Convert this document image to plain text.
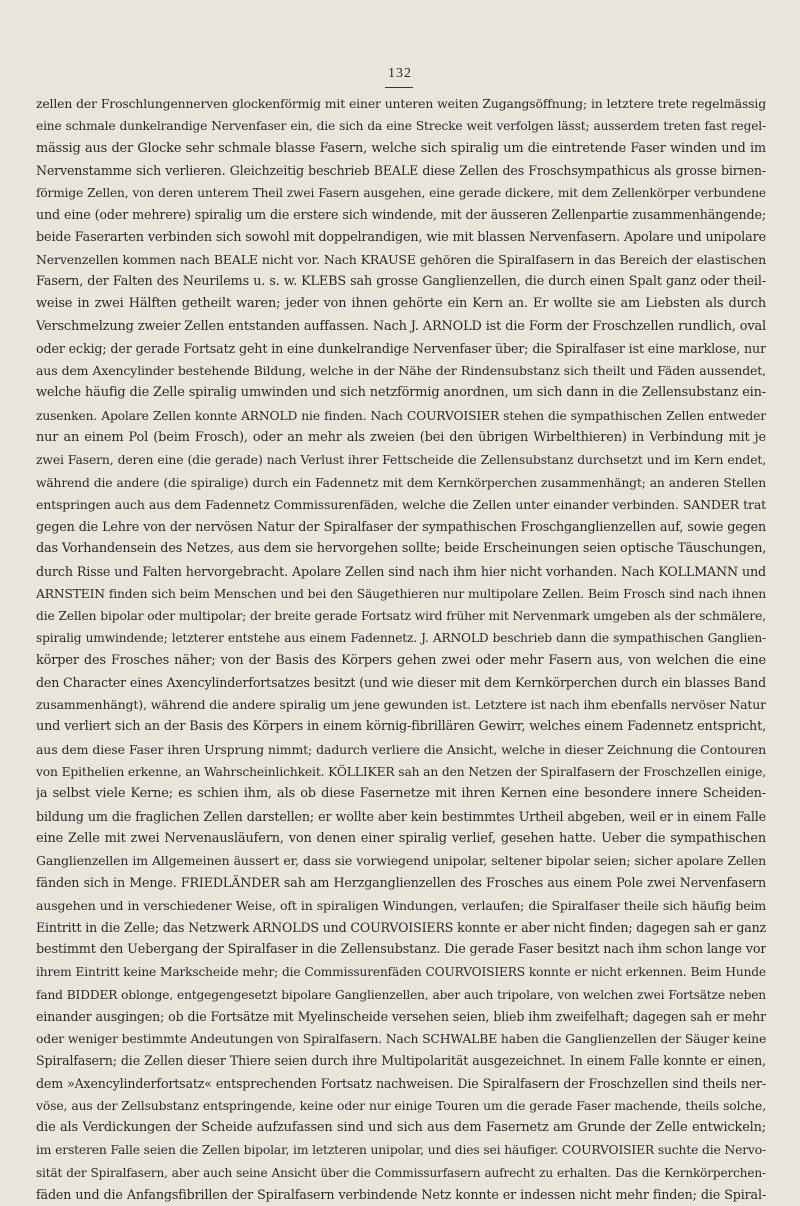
132
zellen der Froschlungennerven glockenförmig mit einer unteren weiten Zugangsöffnung; in letztere trete regelmässig
eine schmale dunkelrandige Nervenfaser ein, die sich da eine Strecke weit verfolgen lässt; ausserdem treten fast regel-
mässig aus der Glocke sehr schmale blasse Fasern, welche sich spiralig um die eintretende Faser winden und im
Nervenstamme sich verlieren. Gleichzeitig beschrieb BEALE diese Zellen des Froschsympathicus als grosse birnen-
förmige Zellen, von deren unterem Theil zwei Fasern ausgehen, eine gerade dickere, mit dem Zellenkörper verbundene
und eine (oder mehrere) spiralig um die erstere sich windende, mit der äusseren Zellenpartie zusammenhängende;
beide Faserarten verbinden sich sowohl mit doppelrandigen, wie mit blassen Nervenfasern. Apolare und unipolare
Nervenzellen kommen nach BEALE nicht vor. Nach KRAUSE gehören die Spiralfasern in das Bereich der elastischen
Fasern, der Falten des Neurilems u. s. w. KLEBS sah grosse Ganglienzellen, die durch einen Spalt ganz oder theil-
weise in zwei Hälften getheilt waren; jeder von ihnen gehörte ein Kern an. Er wollte sie am Liebsten als durch
Verschmelzung zweier Zellen entstanden auffassen. Nach J. ARNOLD ist die Form der Froschzellen rundlich, oval
oder eckig; der gerade Fortsatz geht in eine dunkelrandige Nervenfaser über; die Spiralfaser ist eine marklose, nur
aus dem Axencylinder bestehende Bildung, welche in der Nähe der Rindensubstanz sich theilt und Fäden aussendet,
welche häufig die Zelle spiralig umwinden und sich netzförmig anordnen, um sich dann in die Zellensubstanz ein-
zusenken. Apolare Zellen konnte ARNOLD nie finden. Nach COURVOISIER stehen die sympathischen Zellen entweder
nur an einem Pol (beim Frosch), oder an mehr als zweien (bei den übrigen Wirbelthieren) in Verbindung mit je
zwei Fasern, deren eine (die gerade) nach Verlust ihrer Fettscheide die Zellensubstanz durchsetzt und im Kern endet,
während die andere (die spiralige) durch ein Fadennetz mit dem Kernkörperchen zusammenhängt; an anderen Stellen
entspringen auch aus dem Fadennetz Commissurenfäden, welche die Zellen unter einander verbinden. SANDER trat
gegen die Lehre von der nervösen Natur der Spiralfaser der sympathischen Froschganglienzellen auf, sowie gegen
das Vorhandensein des Netzes, aus dem sie hervorgehen sollte; beide Erscheinungen seien optische Täuschungen,
durch Risse und Falten hervorgebracht. Apolare Zellen sind nach ihm hier nicht vorhanden. Nach KOLLMANN und
ARNSTEIN finden sich beim Menschen und bei den Säugethieren nur multipolare Zellen. Beim Frosch sind nach ihnen
die Zellen bipolar oder multipolar; der breite gerade Fortsatz wird früher mit Nervenmark umgeben als der schmälere,
spiralig umwindende; letzterer entstehe aus einem Fadennetz. J. ARNOLD beschrieb dann die sympathischen Ganglien-
körper des Frosches näher; von der Basis des Körpers gehen zwei oder mehr Fasern aus, von welchen die eine
den Character eines Axencylinderfortsatzes besitzt (und wie dieser mit dem Kernkörperchen durch ein blasses Band
zusammenhängt), während die andere spiralig um jene gewunden ist. Letztere ist nach ihm ebenfalls nervöser Natur
und verliert sich an der Basis des Körpers in einem körnig-fibrillären Gewirr, welches einem Fadennetz entspricht,
aus dem diese Faser ihren Ursprung nimmt; dadurch verliere die Ansicht, welche in dieser Zeichnung die Contouren
von Epithelien erkenne, an Wahrscheinlichkeit. KÖLLIKER sah an den Netzen der Spiralfasern der Froschzellen einige,
ja selbst viele Kerne; es schien ihm, als ob diese Fasernetze mit ihren Kernen eine besondere innere Scheiden-
bildung um die fraglichen Zellen darstellen; er wollte aber kein bestimmtes Urtheil abgeben, weil er in einem Falle
eine Zelle mit zwei Nervenausläufern, von denen einer spiralig verlief, gesehen hatte. Ueber die sympathischen
Ganglienzellen im Allgemeinen äussert er, dass sie vorwiegend unipolar, seltener bipolar seien; sicher apolare Zellen
fänden sich in Menge. FRIEDLÄNDER sah am Herzganglienzellen des Frosches aus einem Pole zwei Nervenfasern
ausgehen und in verschiedener Weise, oft in spiraligen Windungen, verlaufen; die Spiralfaser theile sich häufig beim
Eintritt in die Zelle; das Netzwerk ARNOLDS und COURVOISIERS konnte er aber nicht finden; dagegen sah er ganz
bestimmt den Uebergang der Spiralfaser in die Zellensubstanz. Die gerade Faser besitzt nach ihm schon lange vor
ihrem Eintritt keine Markscheide mehr; die Commissurenfäden COURVOISIERS konnte er nicht erkennen. Beim Hunde
fand BIDDER oblonge, entgegengesetzt bipolare Ganglienzellen, aber auch tripolare, von welchen zwei Fortsätze neben
einander ausgingen; ob die Fortsätze mit Myelinscheide versehen seien, blieb ihm zweifelhaft; dagegen sah er mehr
oder weniger bestimmte Andeutungen von Spiralfasern. Nach SCHWALBE haben die Ganglienzellen der Säuger keine
Spiralfasern; die Zellen dieser Thiere seien durch ihre Multipolarität ausgezeichnet. In einem Falle konnte er einen,
dem »Axencylinderfortsatz« entsprechenden Fortsatz nachweisen. Die Spiralfasern der Froschzellen sind theils ner-
vöse, aus der Zellsubstanz entspringende, keine oder nur einige Touren um die gerade Faser machende, theils solche,
die als Verdickungen der Scheide aufzufassen sind und sich aus dem Fasernetz am Grunde der Zelle entwickeln;
im ersteren Falle seien die Zellen bipolar, im letzteren unipolar, und dies sei häufiger. COURVOISIER suchte die Nervo-
sität der Spiralfasern, aber auch seine Ansicht über die Commissurfasern aufrecht zu erhalten. Das die Kernkörperchen-
fäden und die Anfangsfibrillen der Spiralfasern verbindende Netz konnte er indessen nicht mehr finden; die Spiral-
